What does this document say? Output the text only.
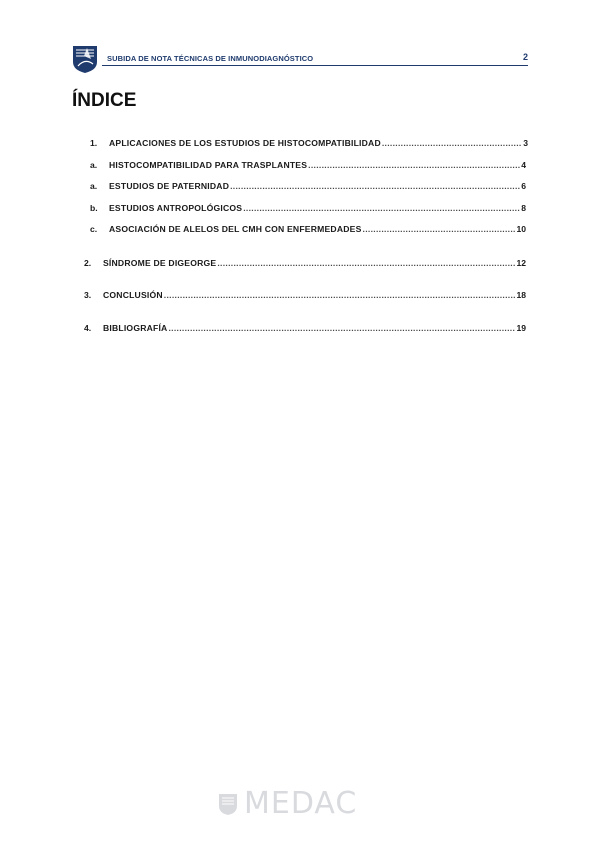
SUBIDA DE NOTA TÉCNICAS DE INMUNODIAGNÓSTICO	2
ÍNDICE
1.	APLICACIONES DE LOS ESTUDIOS DE HISTOCOMPATIBILIDAD .....	3
a.	HISTOCOMPATIBILIDAD PARA TRASPLANTES .....	4
a.	ESTUDIOS DE PATERNIDAD .....	6
b.	ESTUDIOS ANTROPOLÓGICOS .....	8
c.	ASOCIACIÓN DE ALELOS DEL CMH CON ENFERMEDADES .....	10
2.	SÍNDROME DE DIGEORGE .....	12
3.	CONCLUSIÓN .....	18
4.	BIBLIOGRAFÍA .....	19
MEDAC
